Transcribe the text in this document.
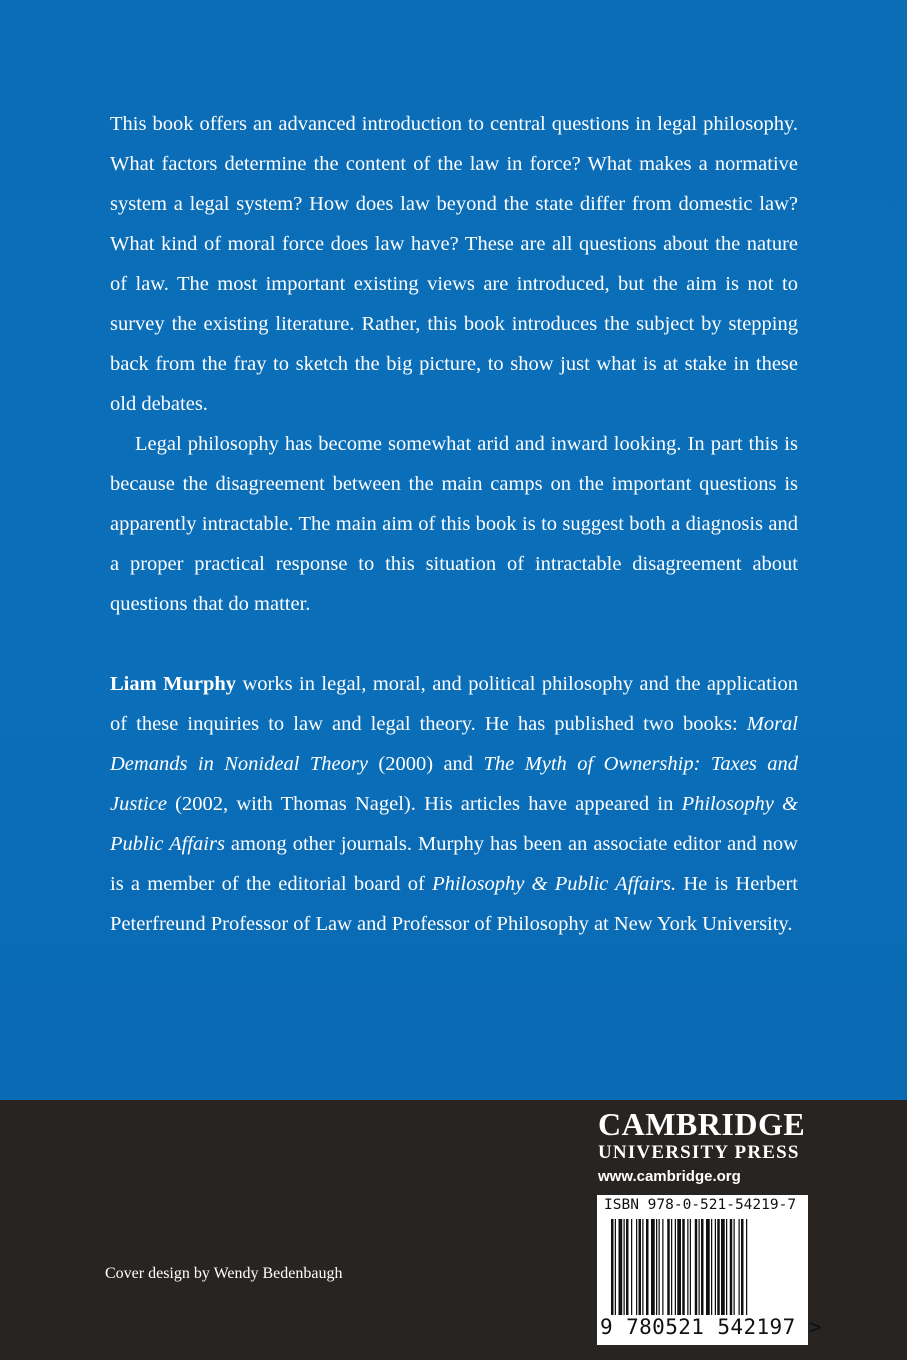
This book offers an advanced introduction to central questions in legal philosophy. What factors determine the content of the law in force? What makes a normative system a legal system? How does law beyond the state differ from domestic law? What kind of moral force does law have? These are all questions about the nature of law. The most important existing views are introduced, but the aim is not to survey the existing literature. Rather, this book introduces the subject by stepping back from the fray to sketch the big picture, to show just what is at stake in these old debates.

Legal philosophy has become somewhat arid and inward looking. In part this is because the disagreement between the main camps on the important questions is apparently intractable. The main aim of this book is to suggest both a diagnosis and a proper practical response to this situation of intractable disagreement about questions that do matter.

Liam Murphy works in legal, moral, and political philosophy and the application of these inquiries to law and legal theory. He has published two books: Moral Demands in Nonideal Theory (2000) and The Myth of Ownership: Taxes and Justice (2002, with Thomas Nagel). His articles have appeared in Philosophy & Public Affairs among other journals. Murphy has been an associate editor and now is a member of the editorial board of Philosophy & Public Affairs. He is Herbert Peterfreund Professor of Law and Professor of Philosophy at New York University.

Cover design by Wendy Bedenbaugh
CAMBRIDGE
UNIVERSITY PRESS
www.cambridge.org
ISBN 978-0-521-54219-7
9 780521 542197 >
